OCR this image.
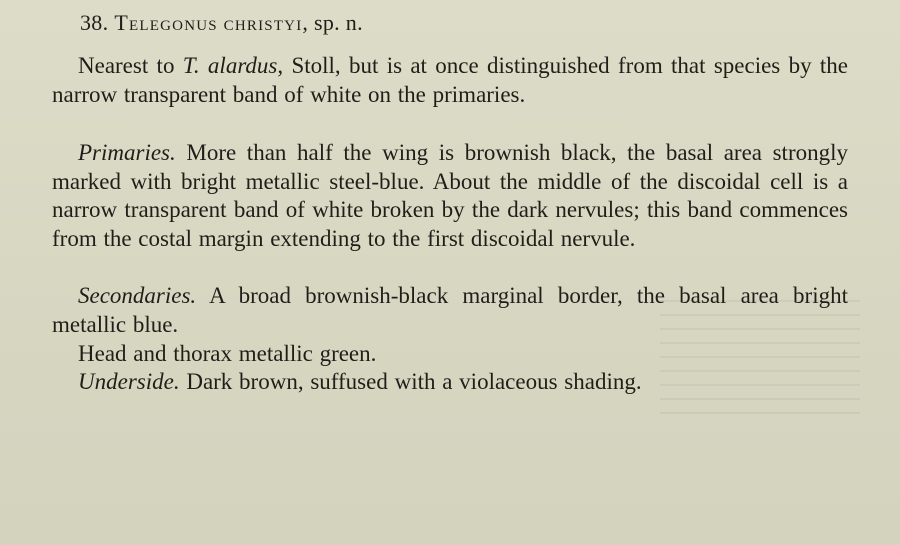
38. Telegonus christyi, sp. n.

Nearest to T. alardus, Stoll, but is at once distinguished from that species by the narrow transparent band of white on the primaries.

Primaries. More than half the wing is brownish black, the basal area strongly marked with bright metallic steel-blue. About the middle of the discoidal cell is a narrow transparent band of white broken by the dark nervules; this band commences from the costal margin extending to the first discoidal nervule.

Secondaries. A broad brownish-black marginal border, the basal area bright metallic blue.

Head and thorax metallic green.

Underside. Dark brown, suffused with a violaceous shading.
